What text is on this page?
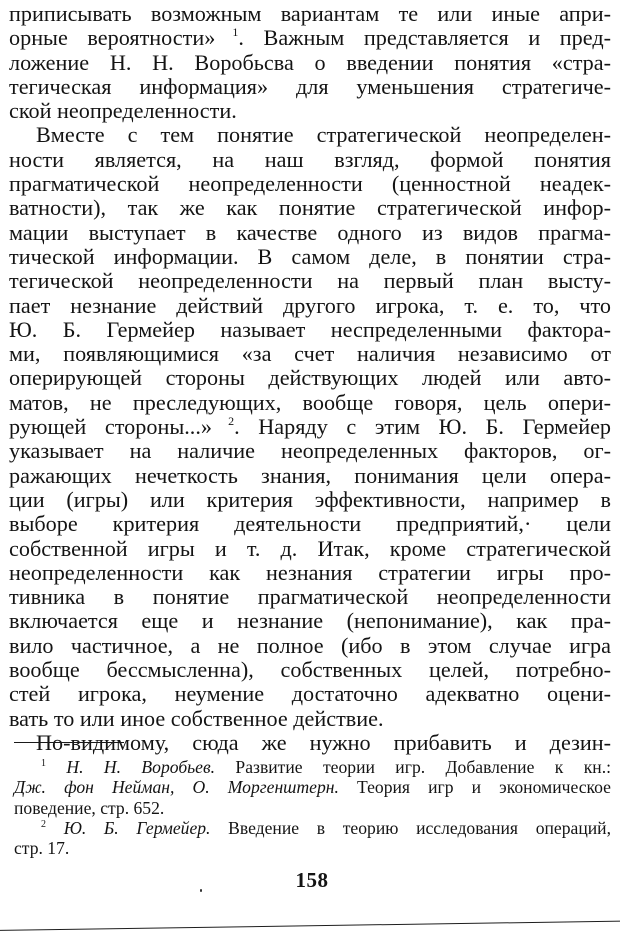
приписывать возможным вариантам те или иные апри-
орные вероятности» $^1$. Важным представляется и пред-
ложение Н. Н. Воробьсва о введении понятия «стра-
тегическая информация» для уменьшения стратегиче-
ской неопределенности.
Вместе с тем понятие стратегической неопределен-
ности является, на наш взгляд, формой понятия
прагматической неопределенности (ценностной неадек-
ватности), так же как понятие стратегической инфор-
мации выступает в качестве одного из видов прагма-
тической информации. В самом деле, в понятии стра-
тегической неопределенности на первый план высту-
пает незнание действий другого игрока, т. е. то, что
Ю. Б. Гермейер называет неспределенными фактора-
ми, появляющимися «за счет наличия независимо от
оперирующей стороны действующих людей или авто-
матов, не преследующих, вообще говоря, цель опери-
рующей стороны...» $^2$. Наряду с этим Ю. Б. Гермейер
указывает на наличие неопределенных факторов, ог-
ражающих нечеткость знания, понимания цели опера-
ции (игры) или критерия эффективности, например в
выборе критерия деятельности предприятий,· цели
собственной игры и т. д. Итак, кроме стратегической
неопределенности как незнания стратегии игры про-
тивника в понятие прагматической неопределенности
включается еще и незнание (непонимание), как пра-
вило частичное, а не полное (ибо в этом случае игра
вообще бессмысленна), собственных целей, потребно-
стей игрока, неумение достаточно адекватно оцени-
вать то или иное собственное действие.
По-видимому, сюда же нужно прибавить и дезин-
$^1$ Н. Н. Воробьев. Развитие теории игр. Добавление к кн.:
Дж. фон Нейман, О. Моргенштерн. Теория игр и экономическое
поведение, стр. 652.
$^2$ Ю. Б. Гермейер. Введение в теорию исследования операций,
стр. 17.
158
